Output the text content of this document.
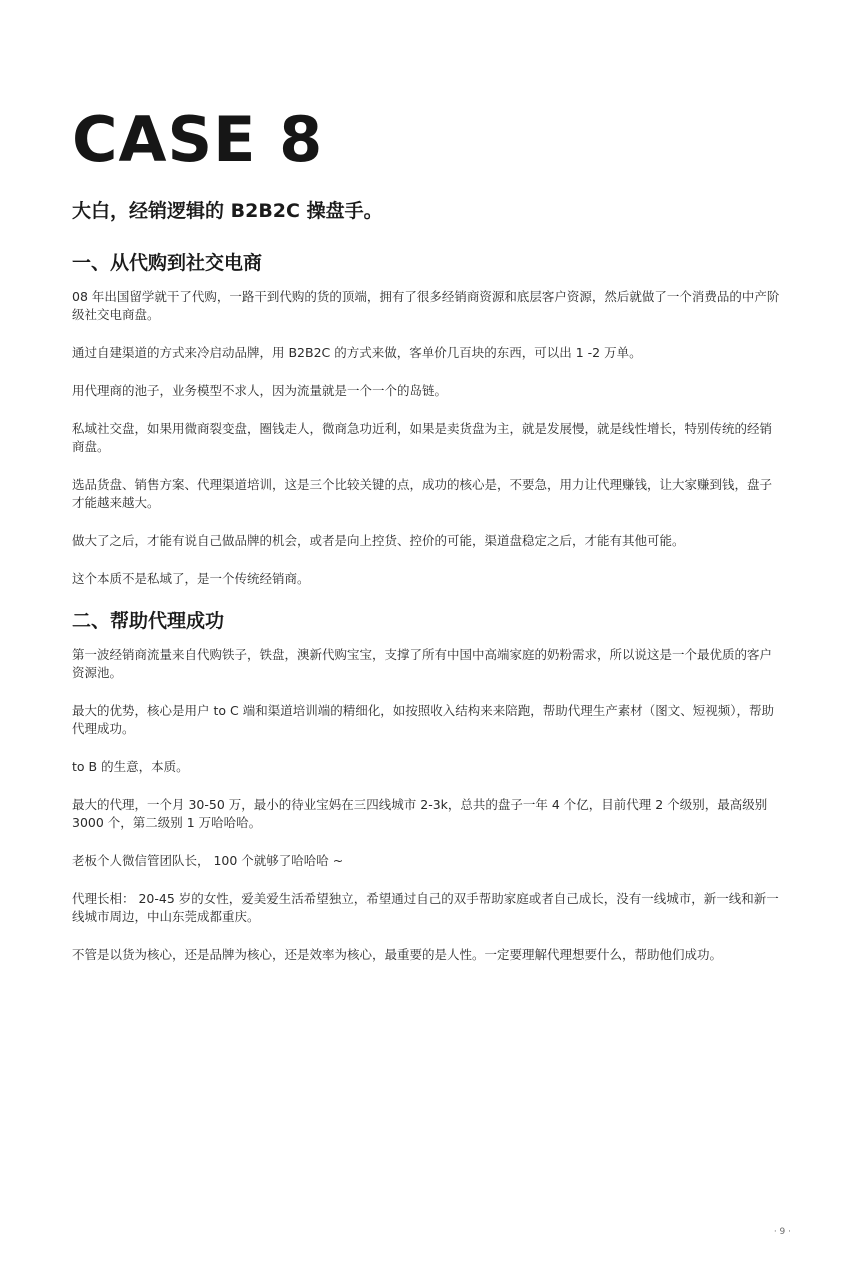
CASE 8
大白，经销逻辑的 B2B2C 操盘手。
一、从代购到社交电商

08 年出国留学就干了代购，一路干到代购的货的顶端，拥有了很多经销商资源和底层客户资源，然后就做了一个消费品的中产阶级社交电商盘。

通过自建渠道的方式来冷启动品牌，用 B2B2C 的方式来做，客单价几百块的东西，可以出 1 -2 万单。

用代理商的池子，业务模型不求人，因为流量就是一个一个的岛链。

私域社交盘，如果用微商裂变盘，圈钱走人，微商急功近利，如果是卖货盘为主，就是发展慢，就是线性增长，特别传统的经销商盘。

选品货盘、销售方案、代理渠道培训，这是三个比较关键的点，成功的核心是，不要急，用力让代理赚钱，让大家赚到钱，盘子才能越来越大。

做大了之后，才能有说自己做品牌的机会，或者是向上控货、控价的可能，渠道盘稳定之后，才能有其他可能。

这个本质不是私域了，是一个传统经销商。

二、帮助代理成功

第一波经销商流量来自代购铁子，铁盘，澳新代购宝宝，支撑了所有中国中高端家庭的奶粉需求，所以说这是一个最优质的客户资源池。

最大的优势，核心是用户 to C 端和渠道培训端的精细化，如按照收入结构来来陪跑，帮助代理生产素材（图文、短视频），帮助代理成功。

to B 的生意，本质。

最大的代理，一个月 30-50 万，最小的待业宝妈在三四线城市 2-3k，总共的盘子一年 4 个亿，目前代理 2 个级别，最高级别 3000 个，第二级别 1 万哈哈哈。

老板个人微信管团队长， 100 个就够了哈哈哈 ~

代理长相： 20-45 岁的女性，爱美爱生活希望独立，希望通过自己的双手帮助家庭或者自己成长，没有一线城市，新一线和新一线城市周边，中山东莞成都重庆。

不管是以货为核心，还是品牌为核心，还是效率为核心，最重要的是人性。一定要理解代理想要什么，帮助他们成功。

· 9 ·
